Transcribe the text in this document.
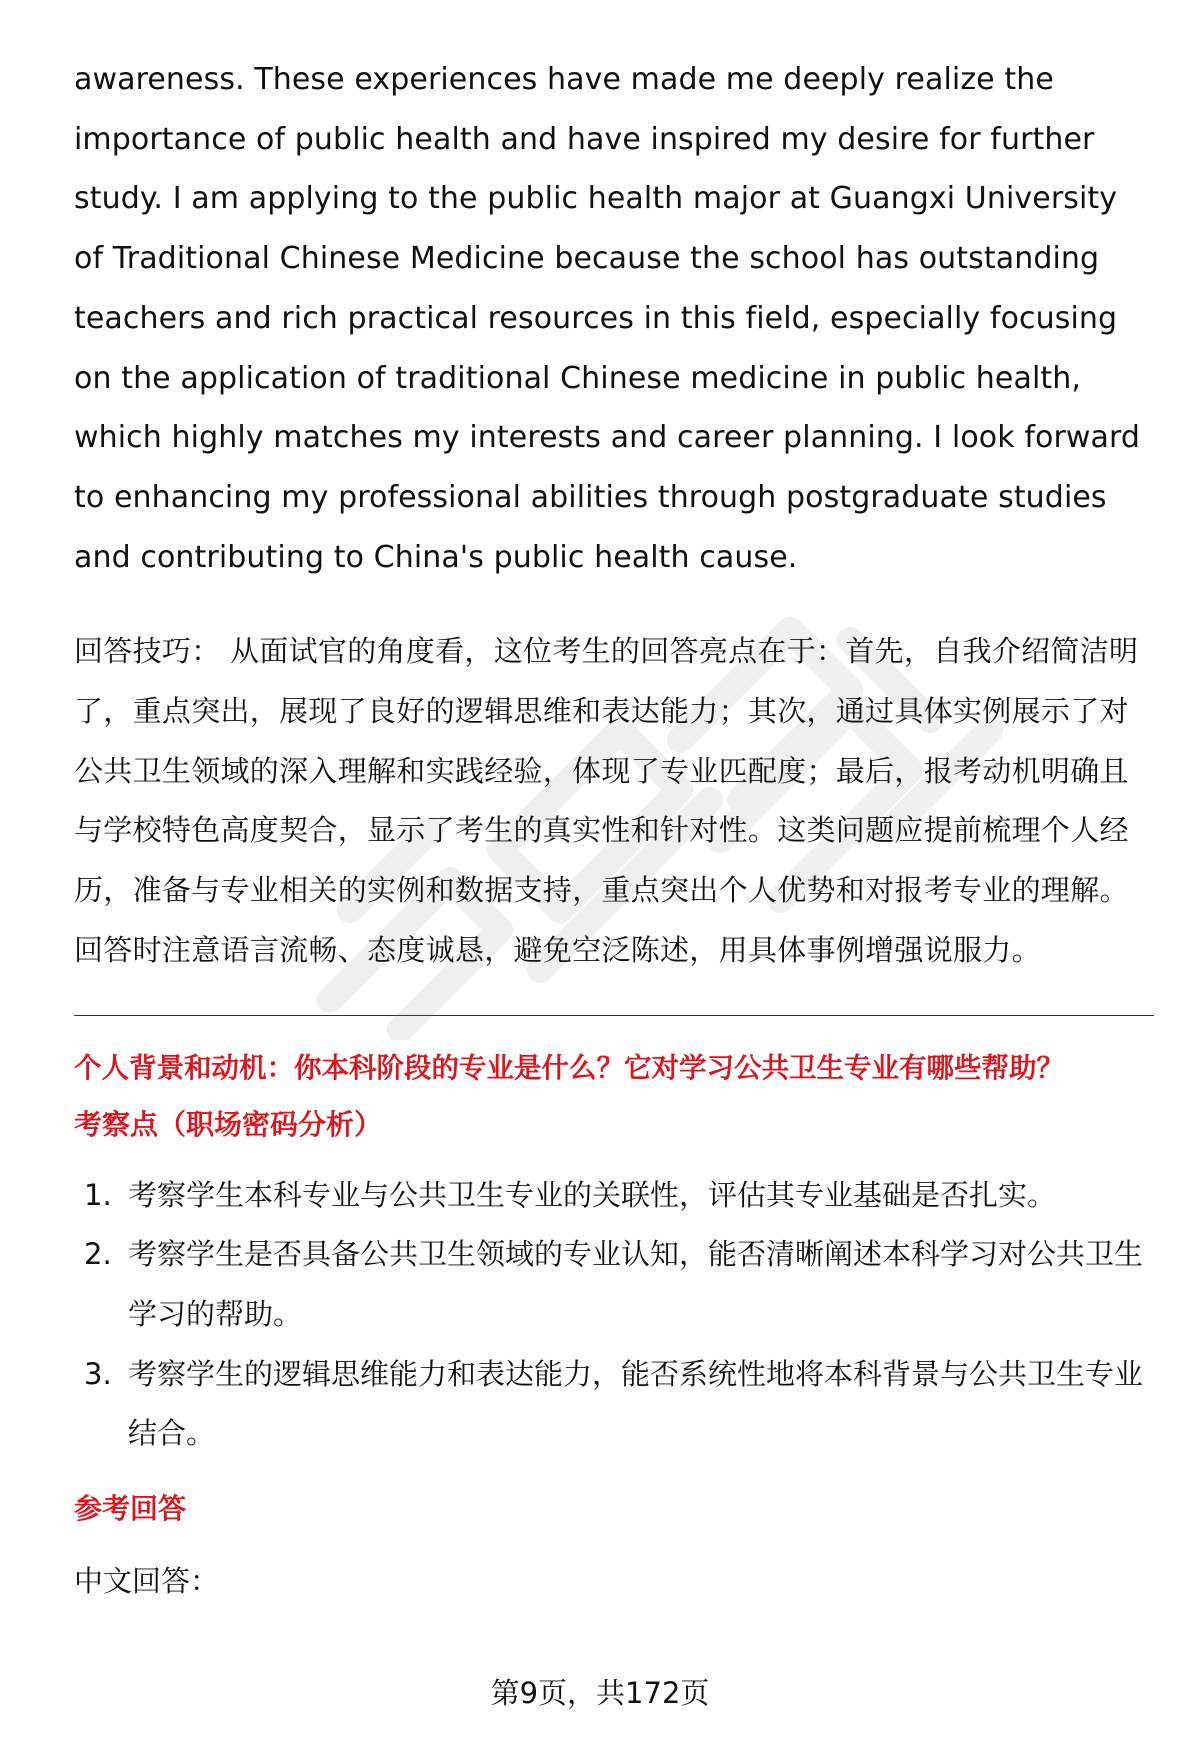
awareness. These experiences have made me deeply realize the importance of public health and have inspired my desire for further study. I am applying to the public health major at Guangxi University of Traditional Chinese Medicine because the school has outstanding teachers and rich practical resources in this field, especially focusing on the application of traditional Chinese medicine in public health, which highly matches my interests and career planning. I look forward to enhancing my professional abilities through postgraduate studies and contributing to China's public health cause.

回答技巧： 从面试官的角度看，这位考生的回答亮点在于：首先，自我介绍简洁明了，重点突出，展现了良好的逻辑思维和表达能力；其次，通过具体实例展示了对公共卫生领域的深入理解和实践经验，体现了专业匹配度；最后，报考动机明确且与学校特色高度契合，显示了考生的真实性和针对性。这类问题应提前梳理个人经历，准备与专业相关的实例和数据支持，重点突出个人优势和对报考专业的理解。回答时注意语言流畅、态度诚恳，避免空泛陈述，用具体事例增强说服力。

个人背景和动机：你本科阶段的专业是什么？它对学习公共卫生专业有哪些帮助？
考察点（职场密码分析）
1. 考察学生本科专业与公共卫生专业的关联性，评估其专业基础是否扎实。
2. 考察学生是否具备公共卫生领域的专业认知，能否清晰阐述本科学习对公共卫生学习的帮助。
3. 考察学生的逻辑思维能力和表达能力，能否系统性地将本科背景与公共卫生专业结合。
参考回答
中文回答：
第9页，共172页
